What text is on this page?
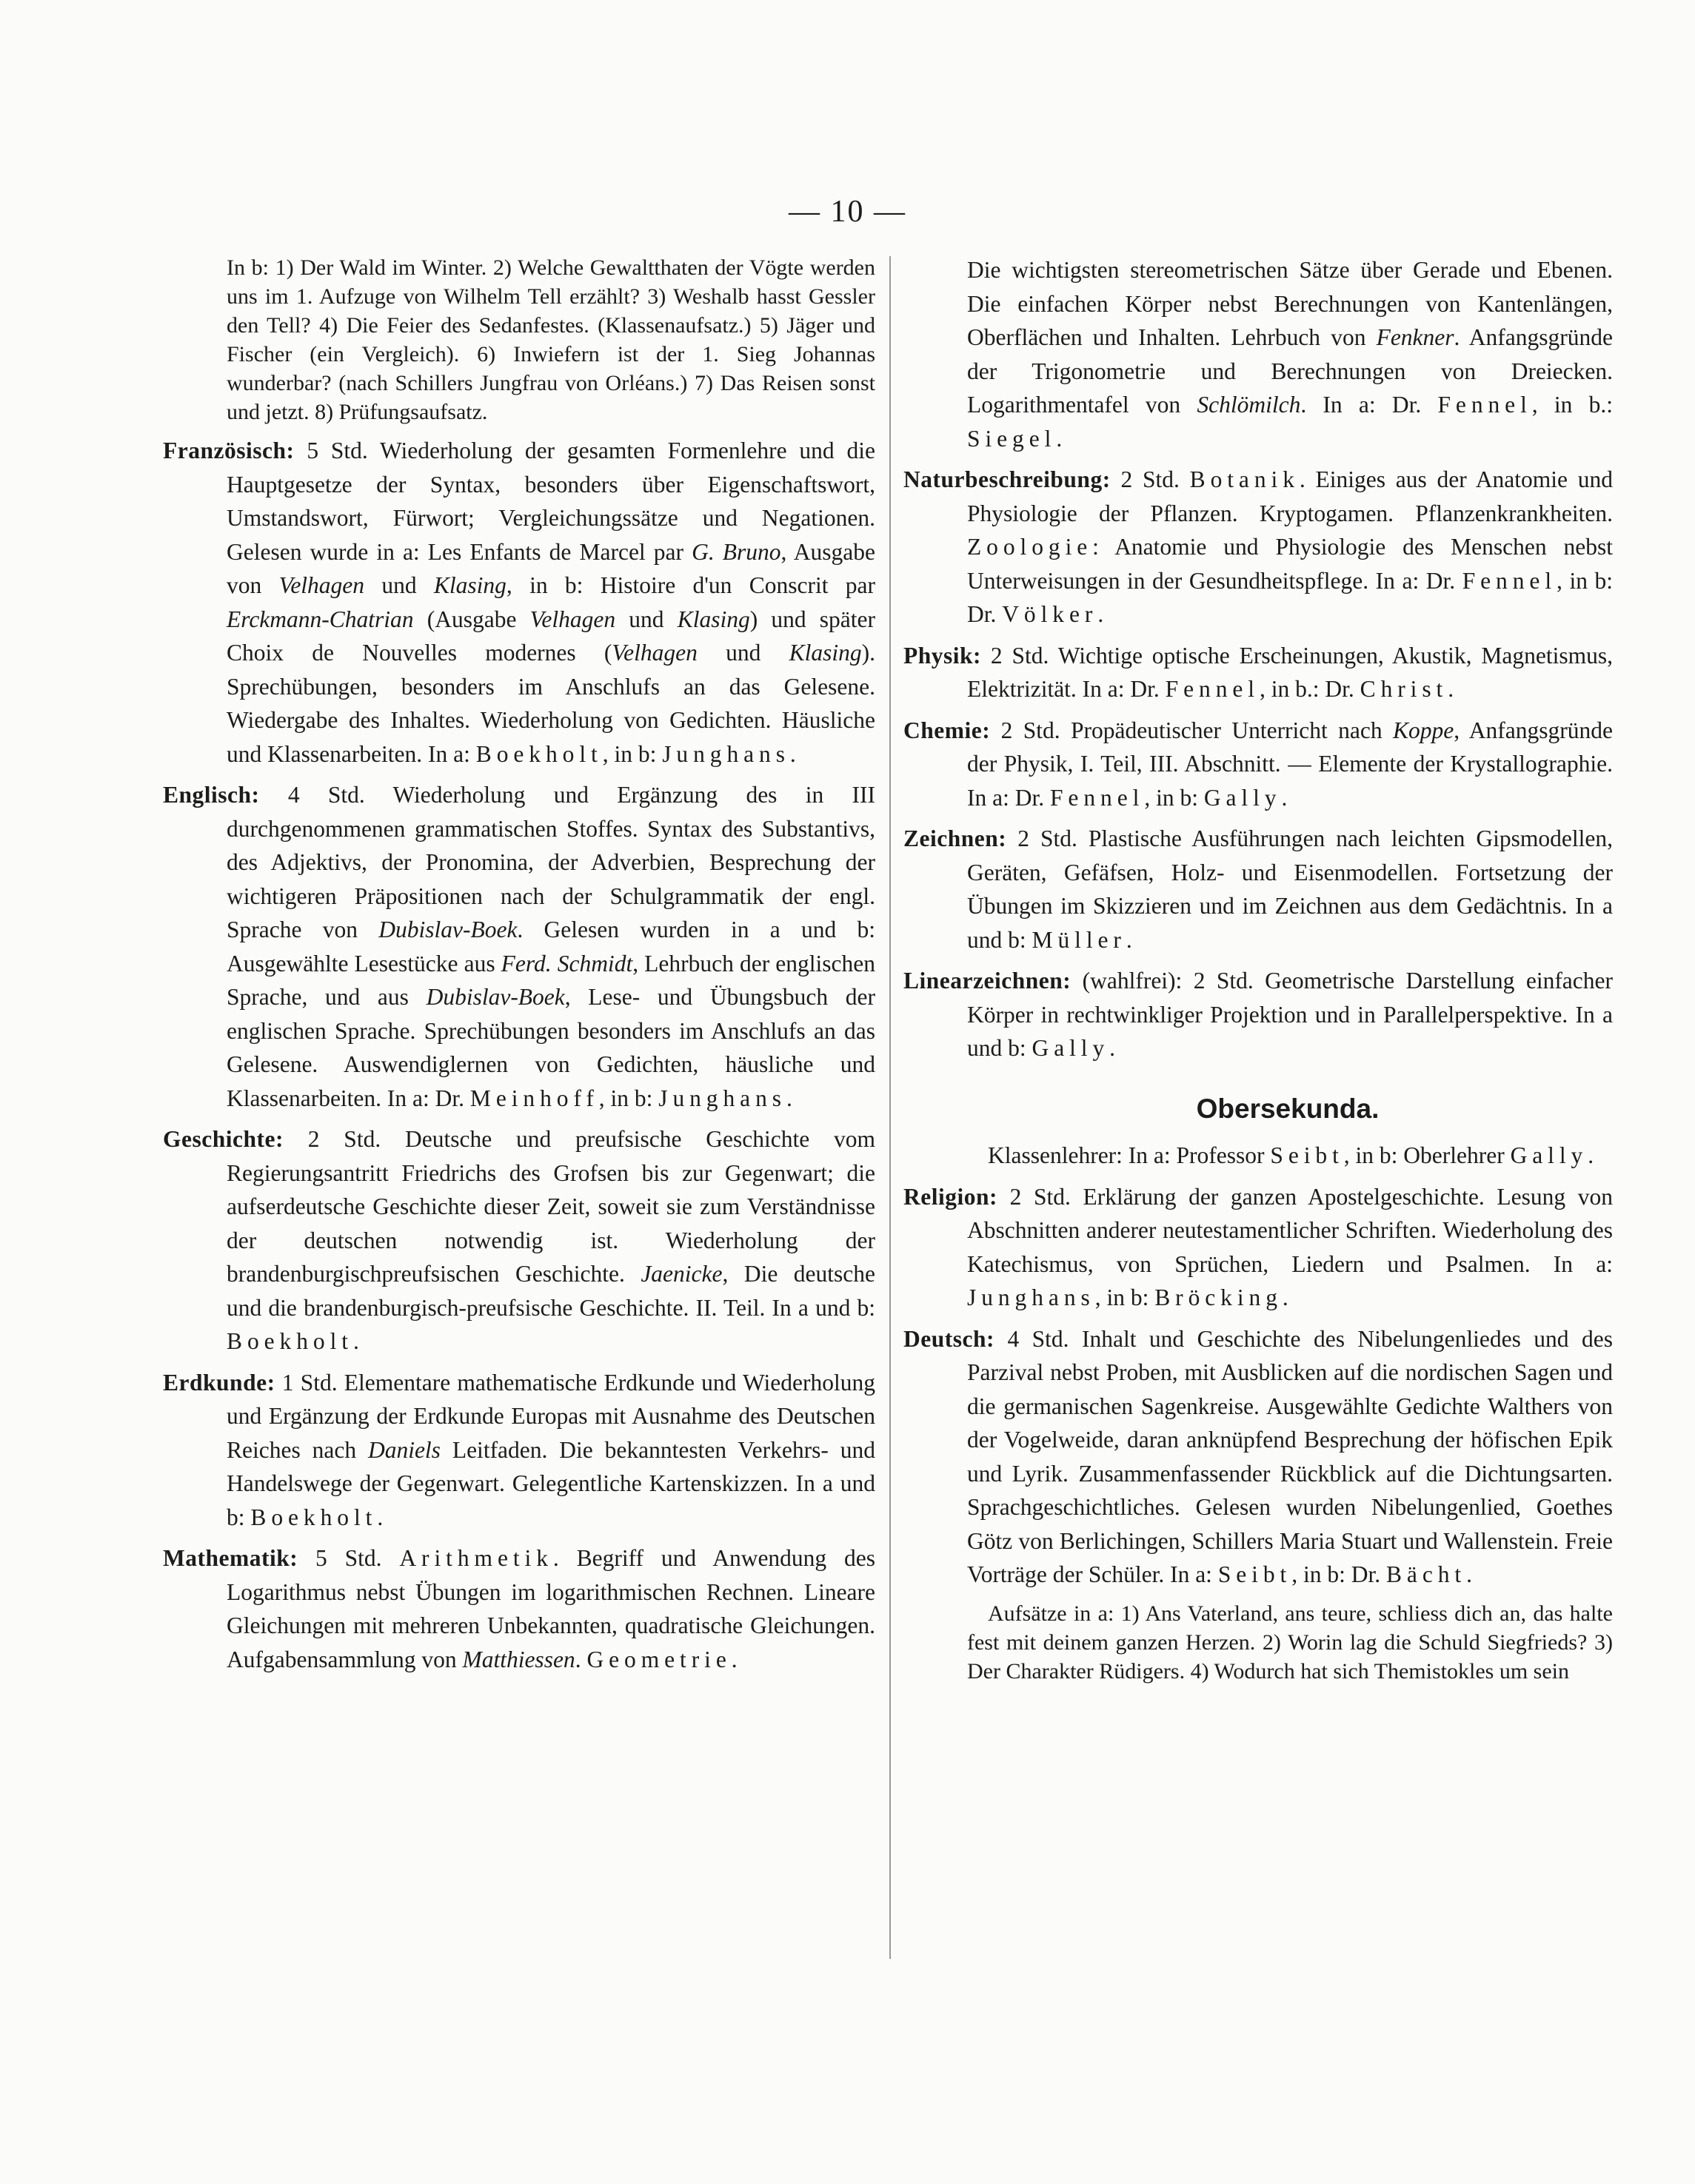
— 10 —

In b: 1) Der Wald im Winter. 2) Welche Gewaltthaten der Vögte werden uns im 1. Aufzuge von Wilhelm Tell erzählt? 3) Weshalb hasst Gessler den Tell? 4) Die Feier des Sedanfestes. (Klassenaufsatz.) 5) Jäger und Fischer (ein Vergleich). 6) Inwiefern ist der 1. Sieg Johannas wunderbar? (nach Schillers Jungfrau von Orléans.) 7) Das Reisen sonst und jetzt. 8) Prüfungsaufsatz.

Französisch: 5 Std. Wiederholung der gesamten Formenlehre und die Hauptgesetze der Syntax, besonders über Eigenschaftswort, Umstandswort, Fürwort; Vergleichungssätze und Negationen. Gelesen wurde in a: Les Enfants de Marcel par G. Bruno, Ausgabe von Velhagen und Klasing, in b: Histoire d'un Conscrit par Erckmann-Chatrian (Ausgabe Velhagen und Klasing) und später Choix de Nouvelles modernes (Velhagen und Klasing). Sprechübungen, besonders im Anschlufs an das Gelesene. Wiedergabe des Inhaltes. Wiederholung von Gedichten. Häusliche und Klassenarbeiten. In a: Boekholt, in b: Junghans.

Englisch: 4 Std. Wiederholung und Ergänzung des in III durchgenommenen grammatischen Stoffes. Syntax des Substantivs, des Adjektivs, der Pronomina, der Adverbien, Besprechung der wichtigeren Präpositionen nach der Schulgrammatik der engl. Sprache von Dubislav-Boek. Gelesen wurden in a und b: Ausgewählte Lesestücke aus Ferd. Schmidt, Lehrbuch der englischen Sprache, und aus Dubislav-Boek, Lese- und Übungsbuch der englischen Sprache. Sprechübungen besonders im Anschlufs an das Gelesene. Auswendiglernen von Gedichten, häusliche und Klassenarbeiten. In a: Dr. Meinhoff, in b: Junghans.

Geschichte: 2 Std. Deutsche und preufsische Geschichte vom Regierungsantritt Friedrichs des Grofsen bis zur Gegenwart; die aufserdeutsche Geschichte dieser Zeit, soweit sie zum Verständnisse der deutschen notwendig ist. Wiederholung der brandenburgischpreufsischen Geschichte. Jaenicke, Die deutsche und die brandenburgisch-preufsische Geschichte. II. Teil. In a und b: Boekholt.

Erdkunde: 1 Std. Elementare mathematische Erdkunde und Wiederholung und Ergänzung der Erdkunde Europas mit Ausnahme des Deutschen Reiches nach Daniels Leitfaden. Die bekanntesten Verkehrs- und Handelswege der Gegenwart. Gelegentliche Kartenskizzen. In a und b: Boekholt.

Mathematik: 5 Std. Arithmetik. Begriff und Anwendung des Logarithmus nebst Übungen im logarithmischen Rechnen. Lineare Gleichungen mit mehreren Unbekannten, quadratische Gleichungen. Aufgabensammlung von Matthiessen. Geometrie.

Die wichtigsten stereometrischen Sätze über Gerade und Ebenen. Die einfachen Körper nebst Berechnungen von Kantenlängen, Oberflächen und Inhalten. Lehrbuch von Fenkner. Anfangsgründe der Trigonometrie und Berechnungen von Dreiecken. Logarithmentafel von Schlömilch. In a: Dr. Fennel, in b.: Siegel.

Naturbeschreibung: 2 Std. Botanik. Einiges aus der Anatomie und Physiologie der Pflanzen. Kryptogamen. Pflanzenkrankheiten. Zoologie: Anatomie und Physiologie des Menschen nebst Unterweisungen in der Gesundheitspflege. In a: Dr. Fennel, in b: Dr. Völker.

Physik: 2 Std. Wichtige optische Erscheinungen, Akustik, Magnetismus, Elektrizität. In a: Dr. Fennel, in b.: Dr. Christ.

Chemie: 2 Std. Propädeutischer Unterricht nach Koppe, Anfangsgründe der Physik, I. Teil, III. Abschnitt. — Elemente der Krystallographie. In a: Dr. Fennel, in b: Gally.

Zeichnen: 2 Std. Plastische Ausführungen nach leichten Gipsmodellen, Geräten, Gefäfsen, Holz- und Eisenmodellen. Fortsetzung der Übungen im Skizzieren und im Zeichnen aus dem Gedächtnis. In a und b: Müller.

Linearzeichnen: (wahlfrei): 2 Std. Geometrische Darstellung einfacher Körper in rechtwinkliger Projektion und in Parallelperspektive. In a und b: Gally.

Obersekunda.

Klassenlehrer: In a: Professor Seibt, in b: Oberlehrer Gally.

Religion: 2 Std. Erklärung der ganzen Apostelgeschichte. Lesung von Abschnitten anderer neutestamentlicher Schriften. Wiederholung des Katechismus, von Sprüchen, Liedern und Psalmen. In a: Junghans, in b: Bröcking.

Deutsch: 4 Std. Inhalt und Geschichte des Nibelungenliedes und des Parzival nebst Proben, mit Ausblicken auf die nordischen Sagen und die germanischen Sagenkreise. Ausgewählte Gedichte Walthers von der Vogelweide, daran anknüpfend Besprechung der höfischen Epik und Lyrik. Zusammenfassender Rückblick auf die Dichtungsarten. Sprachgeschichtliches. Gelesen wurden Nibelungenlied, Goethes Götz von Berlichingen, Schillers Maria Stuart und Wallenstein. Freie Vorträge der Schüler. In a: Seibt, in b: Dr. Bächt.

Aufsätze in a: 1) Ans Vaterland, ans teure, schliess dich an, das halte fest mit deinem ganzen Herzen. 2) Worin lag die Schuld Siegfrieds? 3) Der Charakter Rüdigers. 4) Wodurch hat sich Themistokles um sein
